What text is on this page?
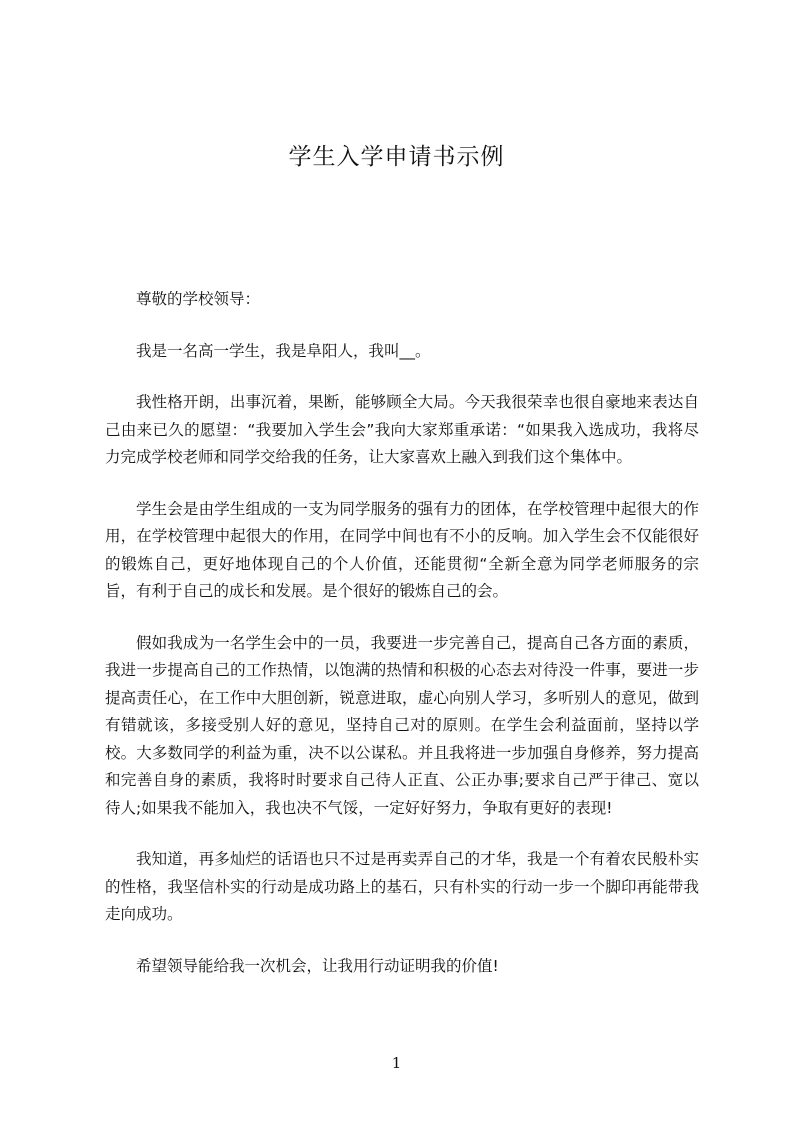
学生入学申请书示例

尊敬的学校领导：

我是一名高一学生，我是阜阳人，我叫__。

我性格开朗，出事沉着，果断，能够顾全大局。今天我很荣幸也很自豪地来表达自己由来已久的愿望：“我要加入学生会”我向大家郑重承诺：“如果我入选成功，我将尽力完成学校老师和同学交给我的任务，让大家喜欢上融入到我们这个集体中。

学生会是由学生组成的一支为同学服务的强有力的团体，在学校管理中起很大的作用，在学校管理中起很大的作用，在同学中间也有不小的反响。加入学生会不仅能很好的锻炼自己，更好地体现自己的个人价值，还能贯彻“全新全意为同学老师服务的宗旨，有利于自己的成长和发展。是个很好的锻炼自己的会。

假如我成为一名学生会中的一员，我要进一步完善自己，提高自己各方面的素质，我进一步提高自己的工作热情，以饱满的热情和积极的心态去对待没一件事，要进一步提高责任心，在工作中大胆创新，锐意进取，虚心向别人学习，多听别人的意见，做到有错就该，多接受别人好的意见，坚持自己对的原则。在学生会利益面前，坚持以学校。大多数同学的利益为重，决不以公谋私。并且我将进一步加强自身修养，努力提高和完善自身的素质，我将时时要求自己待人正直、公正办事;要求自己严于律己、宽以待人;如果我不能加入，我也决不气馁，一定好好努力，争取有更好的表现!

我知道，再多灿烂的话语也只不过是再卖弄自己的才华，我是一个有着农民般朴实的性格，我坚信朴实的行动是成功路上的基石，只有朴实的行动一步一个脚印再能带我走向成功。

希望领导能给我一次机会，让我用行动证明我的价值!

1
